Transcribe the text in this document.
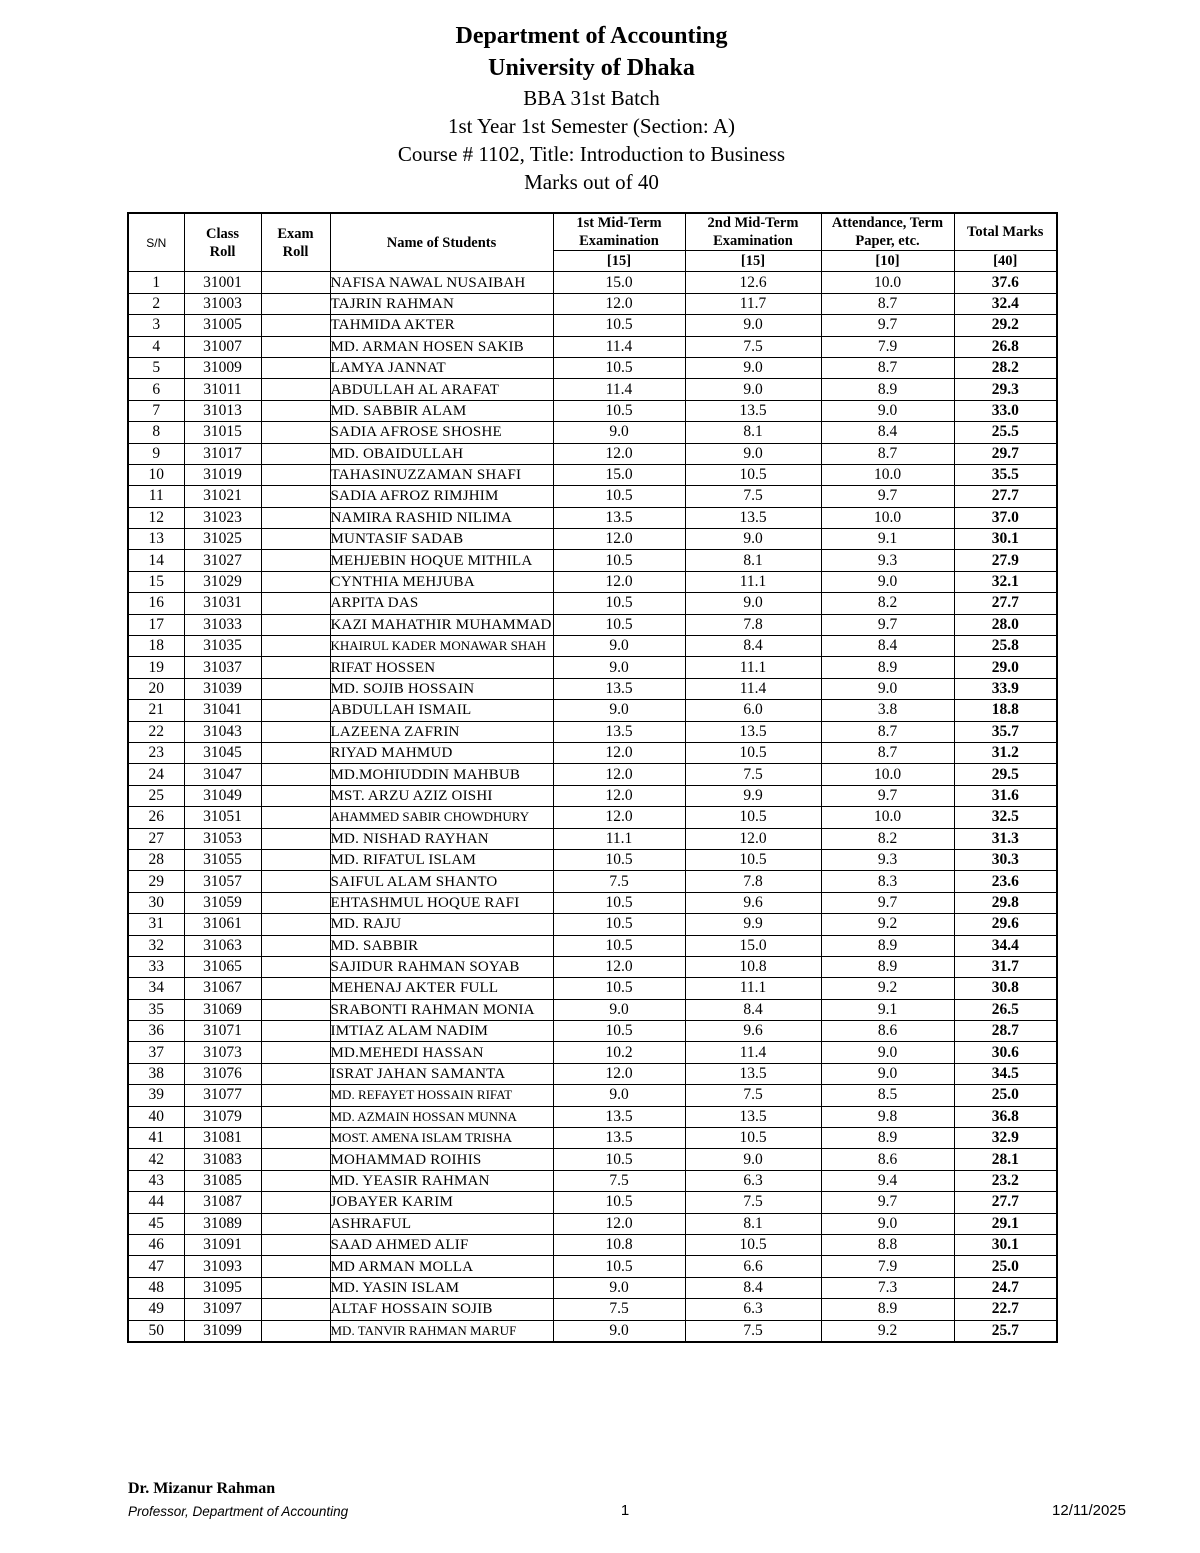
Department of Accounting
University of Dhaka
BBA 31st Batch
1st Year 1st Semester (Section: A)
Course # 1102, Title: Introduction to Business
Marks out of 40
S/N	Class Roll	Exam Roll	Name of Students	1st Mid-Term Examination	2nd Mid-Term Examination	Attendance, Term Paper, etc.	Total Marks
				[15]	[15]	[10]	[40]
1	31001		NAFISA NAWAL NUSAIBAH	15.0	12.6	10.0	37.6
2	31003		TAJRIN RAHMAN	12.0	11.7	8.7	32.4
3	31005		TAHMIDA AKTER	10.5	9.0	9.7	29.2
4	31007		MD. ARMAN HOSEN SAKIB	11.4	7.5	7.9	26.8
5	31009		LAMYA JANNAT	10.5	9.0	8.7	28.2
6	31011		ABDULLAH AL ARAFAT	11.4	9.0	8.9	29.3
7	31013		MD. SABBIR ALAM	10.5	13.5	9.0	33.0
8	31015		SADIA AFROSE SHOSHE	9.0	8.1	8.4	25.5
9	31017		MD. OBAIDULLAH	12.0	9.0	8.7	29.7
10	31019		TAHASINUZZAMAN SHAFI	15.0	10.5	10.0	35.5
11	31021		SADIA AFROZ RIMJHIM	10.5	7.5	9.7	27.7
12	31023		NAMIRA RASHID NILIMA	13.5	13.5	10.0	37.0
13	31025		MUNTASIF SADAB	12.0	9.0	9.1	30.1
14	31027		MEHJEBIN HOQUE MITHILA	10.5	8.1	9.3	27.9
15	31029		CYNTHIA MEHJUBA	12.0	11.1	9.0	32.1
16	31031		ARPITA DAS	10.5	9.0	8.2	27.7
17	31033		KAZI MAHATHIR MUHAMMAD	10.5	7.8	9.7	28.0
18	31035		KHAIRUL KADER MONAWAR SHAH	9.0	8.4	8.4	25.8
19	31037		RIFAT HOSSEN	9.0	11.1	8.9	29.0
20	31039		MD. SOJIB HOSSAIN	13.5	11.4	9.0	33.9
21	31041		ABDULLAH ISMAIL	9.0	6.0	3.8	18.8
22	31043		LAZEENA ZAFRIN	13.5	13.5	8.7	35.7
23	31045		RIYAD MAHMUD	12.0	10.5	8.7	31.2
24	31047		MD.MOHIUDDIN MAHBUB	12.0	7.5	10.0	29.5
25	31049		MST. ARZU AZIZ OISHI	12.0	9.9	9.7	31.6
26	31051		AHAMMED SABIR CHOWDHURY	12.0	10.5	10.0	32.5
27	31053		MD. NISHAD RAYHAN	11.1	12.0	8.2	31.3
28	31055		MD. RIFATUL ISLAM	10.5	10.5	9.3	30.3
29	31057		SAIFUL ALAM SHANTO	7.5	7.8	8.3	23.6
30	31059		EHTASHMUL HOQUE RAFI	10.5	9.6	9.7	29.8
31	31061		MD. RAJU	10.5	9.9	9.2	29.6
32	31063		MD. SABBIR	10.5	15.0	8.9	34.4
33	31065		SAJIDUR RAHMAN SOYAB	12.0	10.8	8.9	31.7
34	31067		MEHENAJ AKTER FULL	10.5	11.1	9.2	30.8
35	31069		SRABONTI RAHMAN MONIA	9.0	8.4	9.1	26.5
36	31071		IMTIAZ ALAM NADIM	10.5	9.6	8.6	28.7
37	31073		MD.MEHEDI HASSAN	10.2	11.4	9.0	30.6
38	31076		ISRAT JAHAN SAMANTA	12.0	13.5	9.0	34.5
39	31077		MD. REFAYET HOSSAIN RIFAT	9.0	7.5	8.5	25.0
40	31079		MD. AZMAIN HOSSAN MUNNA	13.5	13.5	9.8	36.8
41	31081		MOST. AMENA ISLAM TRISHA	13.5	10.5	8.9	32.9
42	31083		MOHAMMAD ROIHIS	10.5	9.0	8.6	28.1
43	31085		MD. YEASIR RAHMAN	7.5	6.3	9.4	23.2
44	31087		JOBAYER KARIM	10.5	7.5	9.7	27.7
45	31089		ASHRAFUL	12.0	8.1	9.0	29.1
46	31091		SAAD AHMED ALIF	10.8	10.5	8.8	30.1
47	31093		MD ARMAN MOLLA	10.5	6.6	7.9	25.0
48	31095		MD. YASIN ISLAM	9.0	8.4	7.3	24.7
49	31097		ALTAF HOSSAIN SOJIB	7.5	6.3	8.9	22.7
50	31099		MD. TANVIR RAHMAN MARUF	9.0	7.5	9.2	25.7
Dr. Mizanur Rahman
Professor, Department of Accounting	1	12/11/2025
